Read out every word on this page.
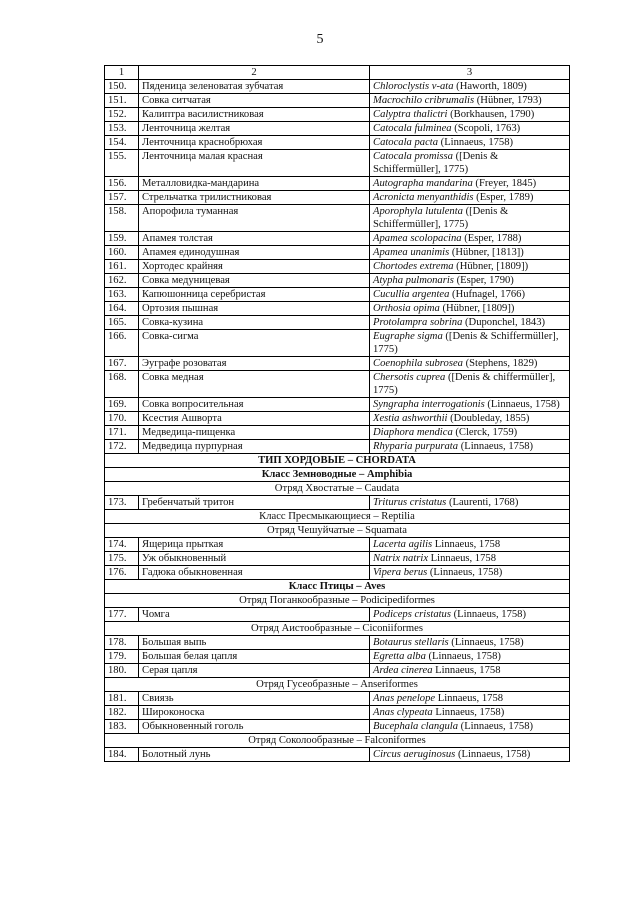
5
1	2	3
150.	Пяденица зеленоватая зубчатая	Chloroclystis v-ata (Haworth, 1809)
151.	Совка ситчатая	Macrochilo cribrumalis (Hübner, 1793)
152.	Калиптра василистниковая	Calyptra thalictri (Borkhausen, 1790)
153.	Ленточница желтая	Catocala fulminea (Scopoli, 1763)
154.	Ленточница краснобрюхая	Catocala pacta (Linnaeus, 1758)
155.	Ленточница малая красная	Catocala promissa ([Denis & Schiffermüller], 1775)
156.	Металловидка-мандарина	Autographa mandarina (Freyer, 1845)
157.	Стрельчатка трилистниковая	Acronicta menyanthidis (Esper, 1789)
158.	Апорофила туманная	Aporophyla lutulenta ([Denis & Schiffermüller], 1775)
159.	Апамея толстая	Apamea scolopacina (Esper, 1788)
160.	Апамея единодушная	Apamea unanimis (Hübner, [1813])
161.	Хортодес крайняя	Chortodes extrema (Hübner, [1809])
162.	Совка медуницевая	Atypha pulmonaris (Esper, 1790)
163.	Капюшонница серебристая	Cucullia argentea (Hufnagel, 1766)
164.	Ортозия пышная	Orthosia opima (Hübner, [1809])
165.	Совка-кузина	Protolampra sobrina (Duponchel, 1843)
166.	Совка-сигма	Eugraphe sigma ([Denis & Schiffermüller], 1775)
167.	Эуграфе розоватая	Coenophila subrosea (Stephens, 1829)
168.	Совка медная	Chersotis cuprea ([Denis & chiffermüller], 1775)
169.	Совка вопросительная	Syngrapha interrogationis (Linnaeus, 1758)
170.	Ксестия Ашворта	Xestia ashworthii (Doubleday, 1855)
171.	Медведица-пищенка	Diaphora mendica (Clerck, 1759)
172.	Медведица пурпурная	Rhyparia purpurata (Linnaeus, 1758)
ТИП ХОРДОВЫЕ – CHORDATA		
Класс Земноводные – Amphibia		
Отряд Хвостатые – Caudata		
173.	Гребенчатый тритон	Triturus cristatus (Laurenti, 1768)
Класс Пресмыкающиеся – Reptilia		
Отряд Чешуйчатые – Squamata		
174.	Ящерица прыткая	Lacerta agilis Linnaeus, 1758
175.	Уж обыкновенный	Natrix natrix Linnaeus, 1758
176.	Гадюка обыкновенная	Vipera berus (Linnaeus, 1758)
Класс Птицы – Aves		
Отряд Поганкообразные – Podicipediformes		
177.	Чомга	Podiceps cristatus (Linnaeus, 1758)
Отряд Аистообразные – Ciconiiformes		
178.	Большая выпь	Botaurus stellaris (Linnaeus, 1758)
179.	Большая белая цапля	Egretta alba (Linnaeus, 1758)
180.	Серая цапля	Ardea cinerea Linnaeus, 1758
Отряд Гусеобразные – Anseriformes		
181.	Свиязь	Anas penelope Linnaeus, 1758
182.	Широконоска	Anas clypeata Linnaeus, 1758)
183.	Обыкновенный гоголь	Bucephala clangula (Linnaeus, 1758)
Отряд Соколообразные – Falconiformes		
184.	Болотный лунь	Circus aeruginosus (Linnaeus, 1758)
